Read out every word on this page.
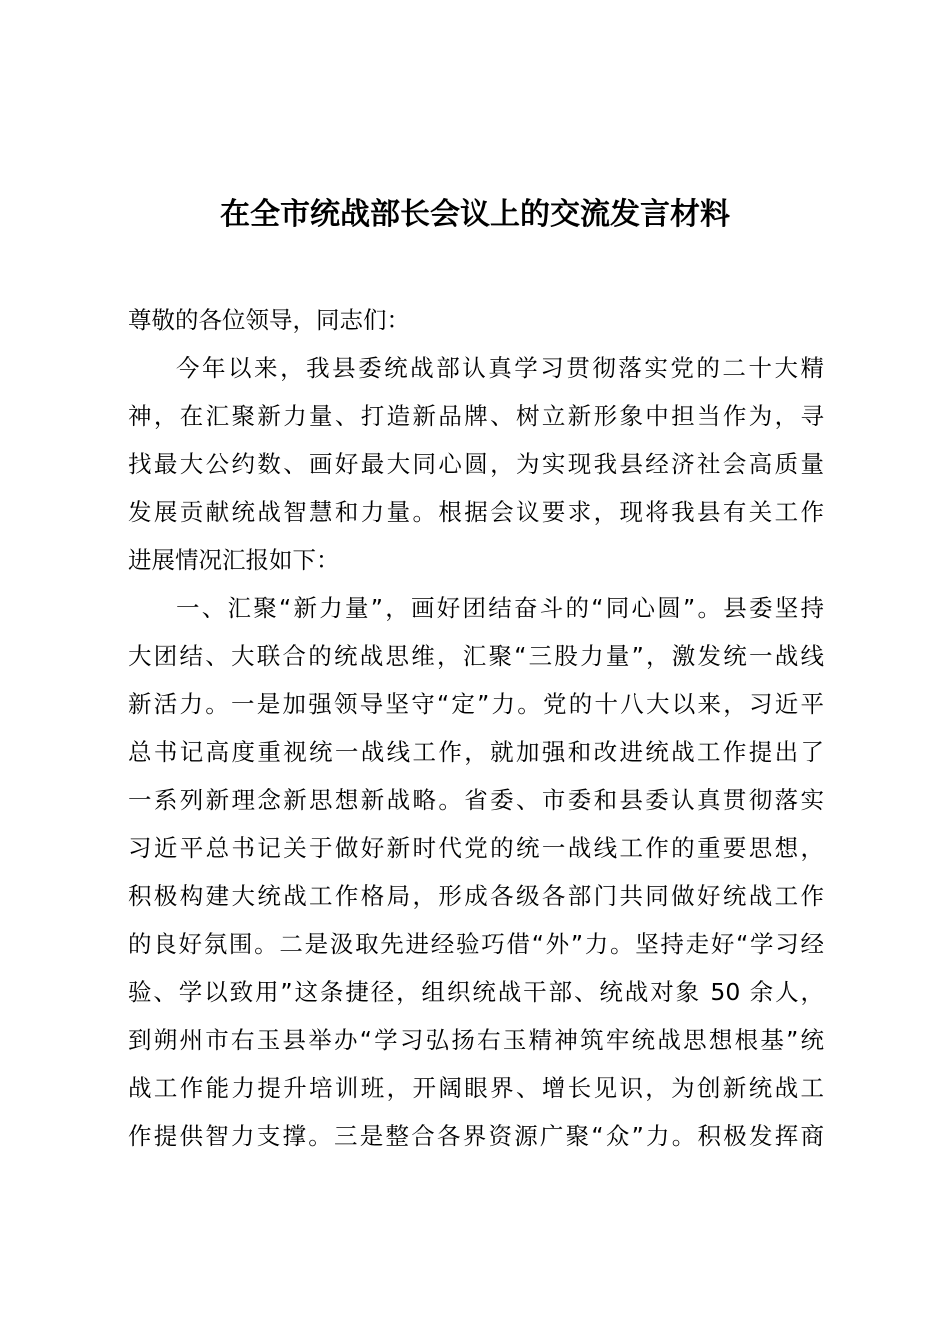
在全市统战部长会议上的交流发言材料
尊敬的各位领导，同志们：
今年以来，我县委统战部认真学习贯彻落实党的二十大精
神，在汇聚新力量、打造新品牌、树立新形象中担当作为，寻
找最大公约数、画好最大同心圆，为实现我县经济社会高质量
发展贡献统战智慧和力量。根据会议要求，现将我县有关工作
进展情况汇报如下：
一、汇聚“新力量”，画好团结奋斗的“同心圆”。县委坚持
大团结、大联合的统战思维，汇聚“三股力量”，激发统一战线
新活力。一是加强领导坚守“定”力。党的十八大以来，习近平
总书记高度重视统一战线工作，就加强和改进统战工作提出了
一系列新理念新思想新战略。省委、市委和县委认真贯彻落实
习近平总书记关于做好新时代党的统一战线工作的重要思想，
积极构建大统战工作格局，形成各级各部门共同做好统战工作
的良好氛围。二是汲取先进经验巧借“外”力。坚持走好“学习经
验、学以致用”这条捷径，组织统战干部、统战对象 50 余人，
到朔州市右玉县举办“学习弘扬右玉精神筑牢统战思想根基”统
战工作能力提升培训班，开阔眼界、增长见识，为创新统战工
作提供智力支撑。三是整合各界资源广聚“众”力。积极发挥商
